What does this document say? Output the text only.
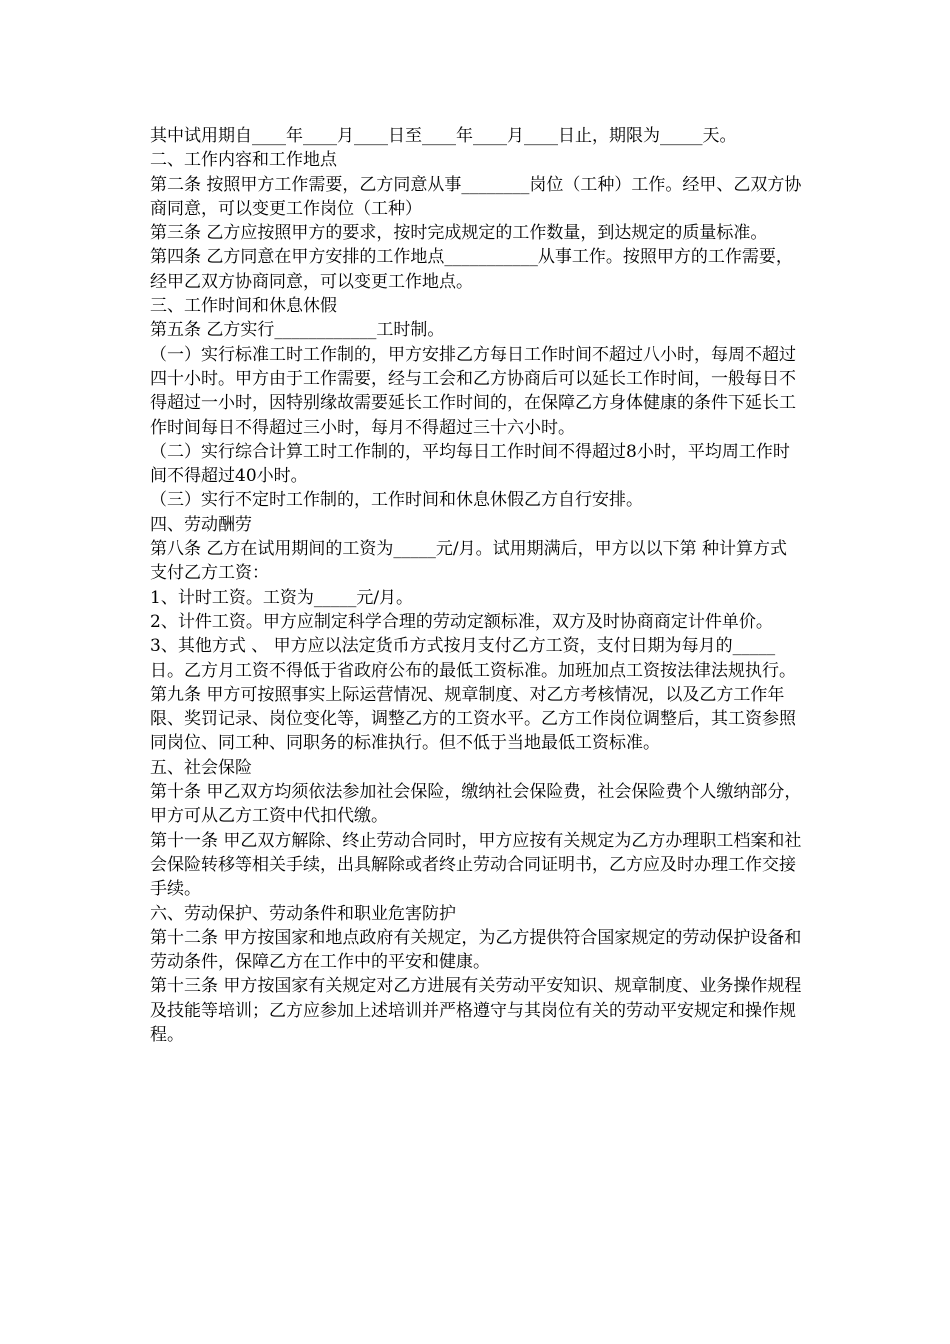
其中试用期自____年____月____日至____年____月____日止，期限为_____天。

二、工作内容和工作地点

第二条 按照甲方工作需要，乙方同意从事________岗位（工种）工作。经甲、乙双方协商同意，可以变更工作岗位（工种）

第三条 乙方应按照甲方的要求，按时完成规定的工作数量，到达规定的质量标准。

第四条 乙方同意在甲方安排的工作地点___________从事工作。按照甲方的工作需要，经甲乙双方协商同意，可以变更工作地点。

三、工作时间和休息休假

第五条 乙方实行____________工时制。

（一）实行标准工时工作制的，甲方安排乙方每日工作时间不超过八小时，每周不超过四十小时。甲方由于工作需要，经与工会和乙方协商后可以延长工作时间，一般每日不得超过一小时，因特别缘故需要延长工作时间的，在保障乙方身体健康的条件下延长工作时间每日不得超过三小时，每月不得超过三十六小时。

（二）实行综合计算工时工作制的，平均每日工作时间不得超过8小时，平均周工作时间不得超过40小时。

（三）实行不定时工作制的，工作时间和休息休假乙方自行安排。

四、劳动酬劳

第八条 乙方在试用期间的工资为_____元/月。试用期满后，甲方以以下第 种计算方式支付乙方工资：

1、计时工资。工资为_____元/月。

2、计件工资。甲方应制定科学合理的劳动定额标准，双方及时协商商定计件单价。

3、其他方式 、 甲方应以法定货币方式按月支付乙方工资，支付日期为每月的_____日。乙方月工资不得低于省政府公布的最低工资标准。加班加点工资按法律法规执行。

第九条 甲方可按照事实上际运营情况、规章制度、对乙方考核情况，以及乙方工作年限、奖罚记录、岗位变化等，调整乙方的工资水平。乙方工作岗位调整后，其工资参照同岗位、同工种、同职务的标准执行。但不低于当地最低工资标准。

五、社会保险

第十条 甲乙双方均须依法参加社会保险，缴纳社会保险费，社会保险费个人缴纳部分，甲方可从乙方工资中代扣代缴。

第十一条 甲乙双方解除、终止劳动合同时，甲方应按有关规定为乙方办理职工档案和社会保险转移等相关手续，出具解除或者终止劳动合同证明书，乙方应及时办理工作交接手续。

六、劳动保护、劳动条件和职业危害防护

第十二条 甲方按国家和地点政府有关规定，为乙方提供符合国家规定的劳动保护设备和劳动条件，保障乙方在工作中的平安和健康。

第十三条 甲方按国家有关规定对乙方进展有关劳动平安知识、规章制度、业务操作规程及技能等培训；乙方应参加上述培训并严格遵守与其岗位有关的劳动平安规定和操作规程。
